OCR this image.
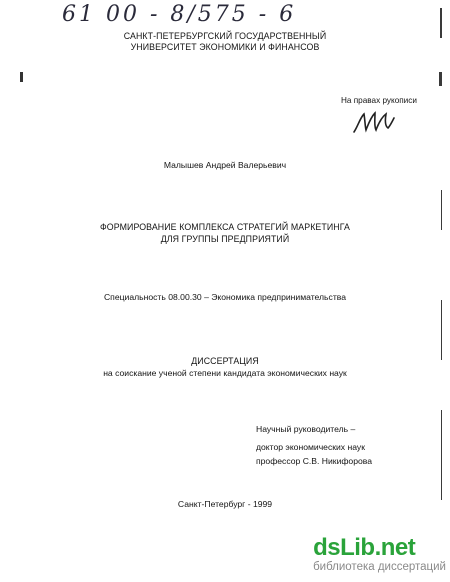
61 00 - 8/575 - 6
САНКТ-ПЕТЕРБУРГСКИЙ ГОСУДАРСТВЕННЫЙ
УНИВЕРСИТЕТ ЭКОНОМИКИ И ФИНАНСОВ
На правах рукописи
Малышев Андрей Валерьевич
ФОРМИРОВАНИЕ КОМПЛЕКСА СТРАТЕГИЙ МАРКЕТИНГА
ДЛЯ ГРУППЫ ПРЕДПРИЯТИЙ
Специальность 08.00.30 – Экономика предпринимательства
ДИССЕРТАЦИЯ
на соискание ученой степени кандидата экономических наук
Научный руководитель –
доктор экономических наук
профессор С.В. Никифорова
Санкт-Петербург - 1999
dsLib.net
библиотека диссертаций
